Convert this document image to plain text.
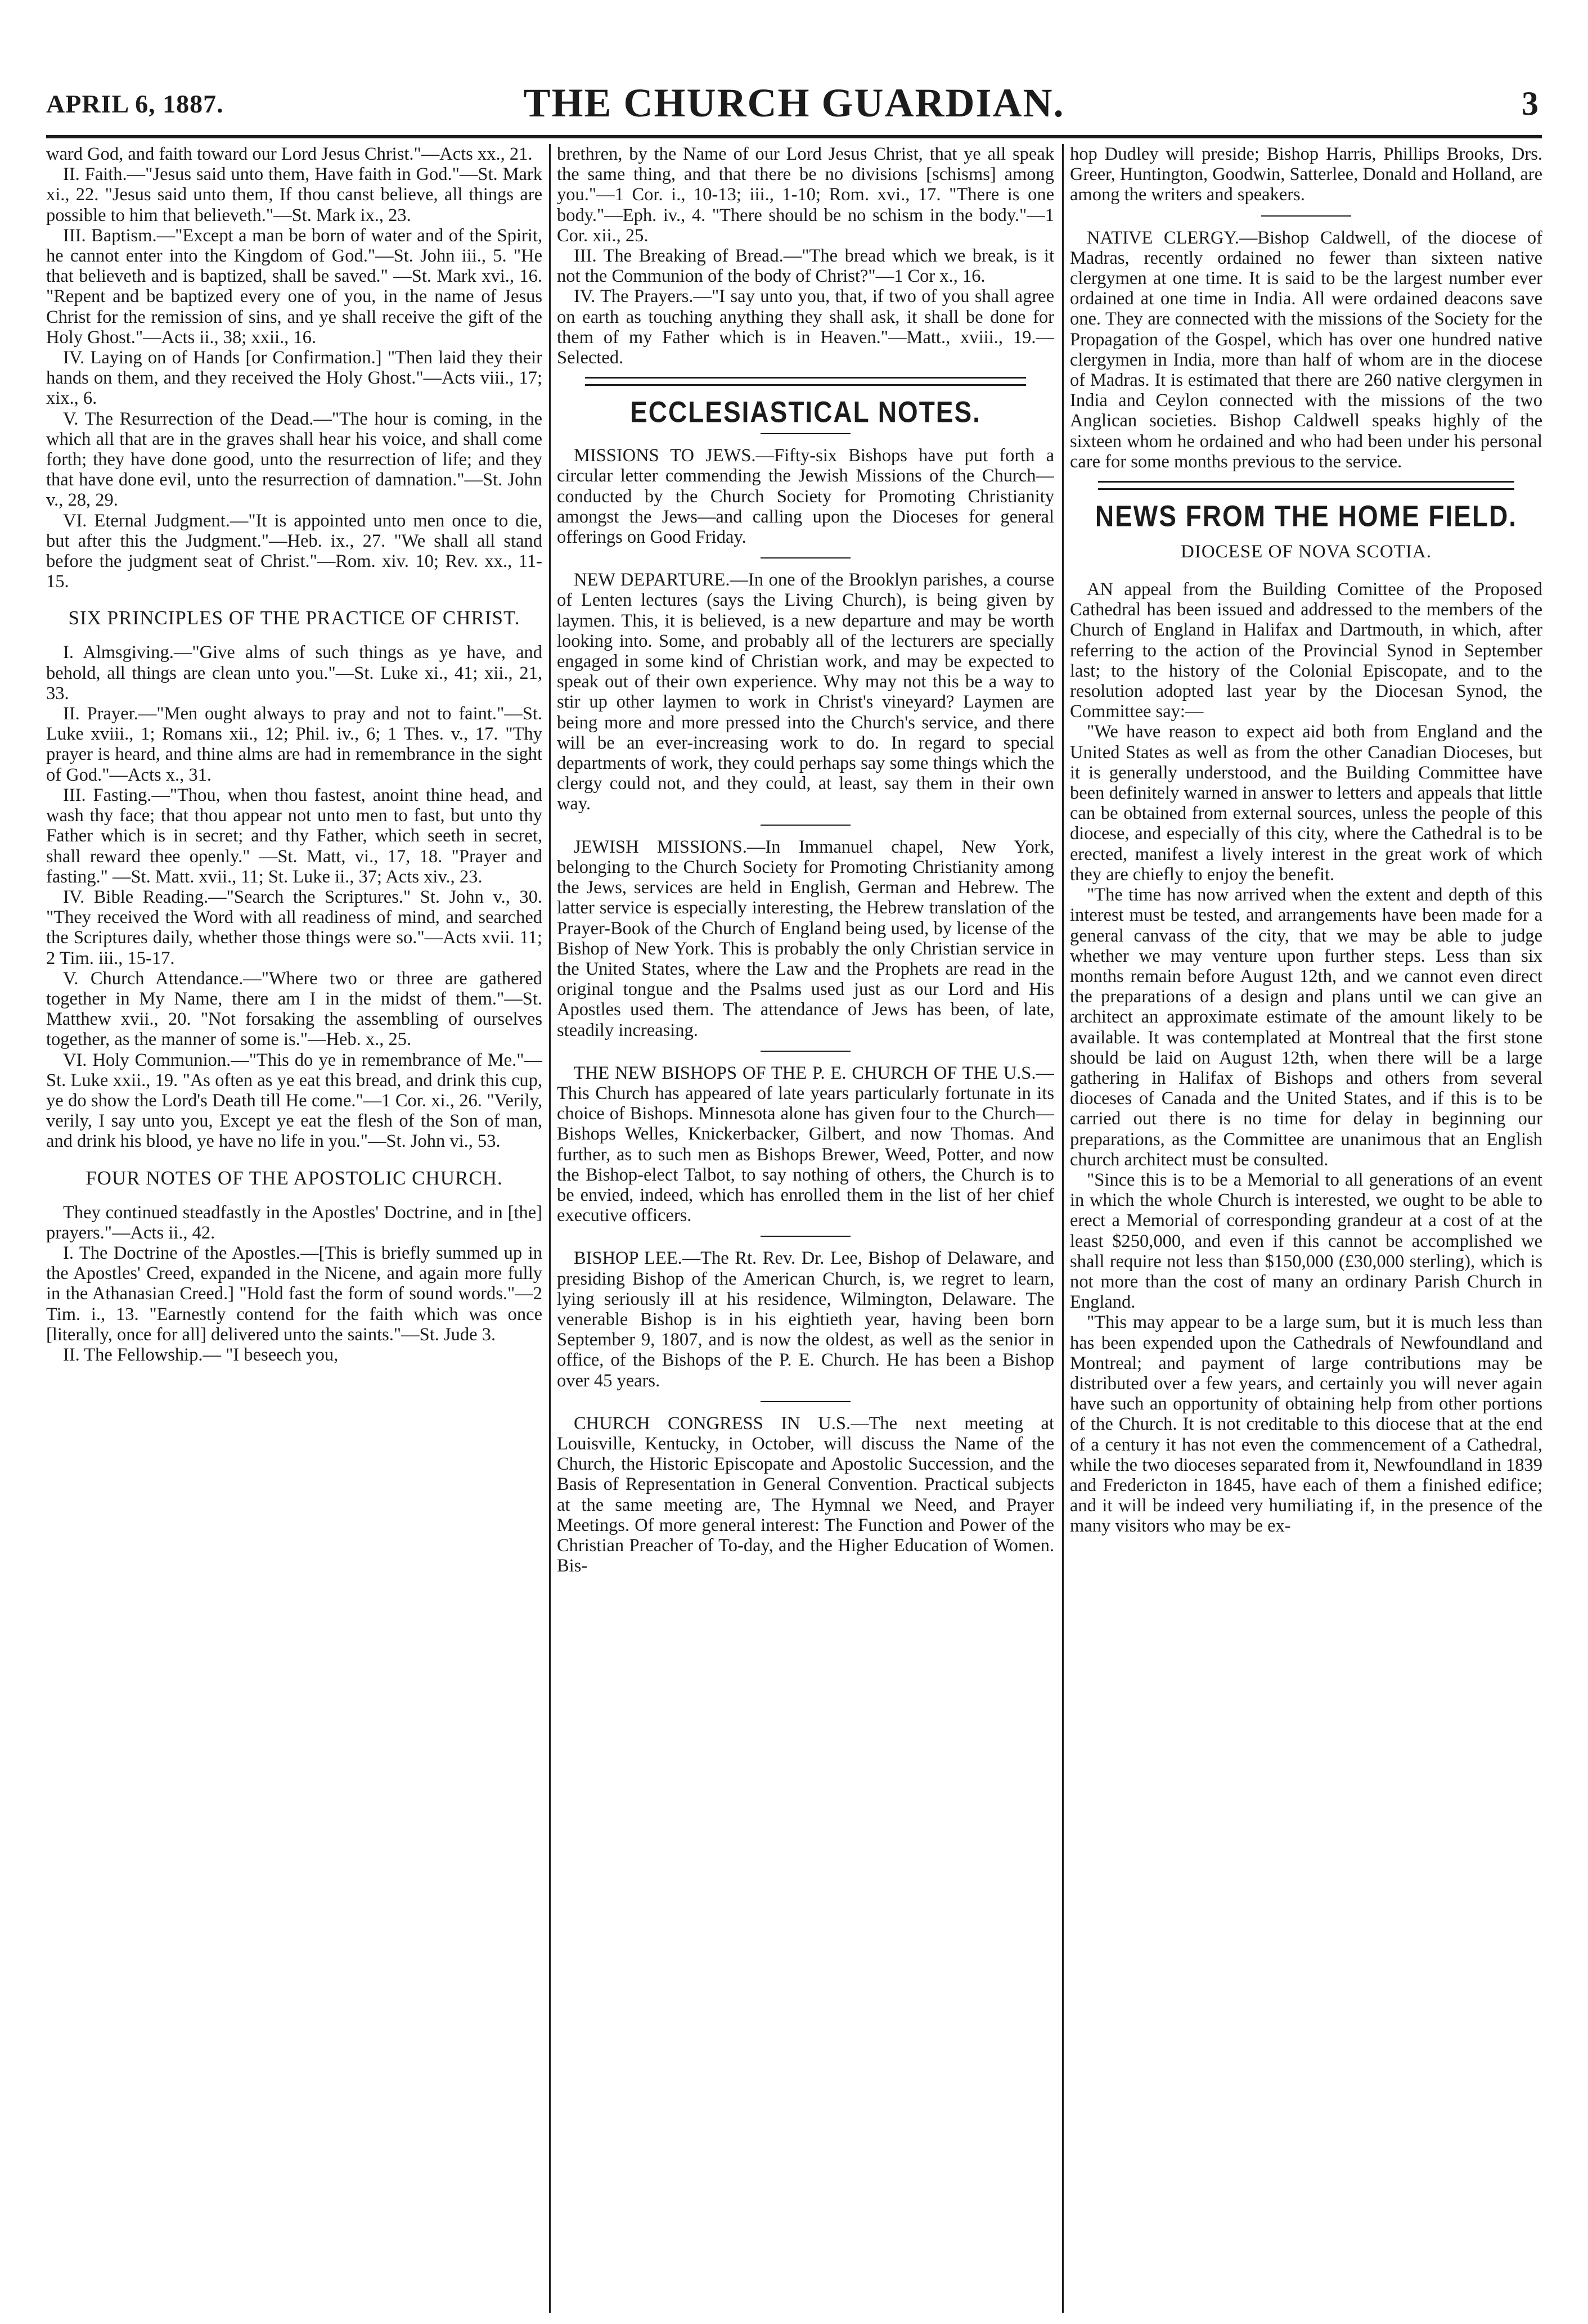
APRIL 6, 1887.	THE CHURCH GUARDIAN.	3

ward God, and faith toward our Lord Jesus Christ."—Acts xx., 21.

II. Faith.—"Jesus said unto them, Have faith in God."—St. Mark xi., 22. "Jesus said unto them, If thou canst believe, all things are possible to him that believeth."—St. Mark ix., 23.

III. Baptism.—"Except a man be born of water and of the Spirit, he cannot enter into the Kingdom of God."—St. John iii., 5. "He that believeth and is baptized, shall be saved." —St. Mark xvi., 16. "Repent and be baptized every one of you, in the name of Jesus Christ for the remission of sins, and ye shall receive the gift of the Holy Ghost."—Acts ii., 38; xxii., 16.

IV. Laying on of Hands [or Confirmation.] "Then laid they their hands on them, and they received the Holy Ghost."—Acts viii., 17; xix., 6.

V. The Resurrection of the Dead.—"The hour is coming, in the which all that are in the graves shall hear his voice, and shall come forth; they have done good, unto the resurrection of life; and they that have done evil, unto the resurrection of damnation."—St. John v., 28, 29.

VI. Eternal Judgment.—"It is appointed unto men once to die, but after this the Judgment."—Heb. ix., 27. "We shall all stand before the judgment seat of Christ."—Rom. xiv. 10; Rev. xx., 11-15.

SIX PRINCIPLES OF THE PRACTICE OF CHRIST.

I. Almsgiving.—"Give alms of such things as ye have, and behold, all things are clean unto you."—St. Luke xi., 41; xii., 21, 33.

II. Prayer.—"Men ought always to pray and not to faint."—St. Luke xviii., 1; Romans xii., 12; Phil. iv., 6; 1 Thes. v., 17. "Thy prayer is heard, and thine alms are had in remembrance in the sight of God."—Acts x., 31.

III. Fasting.—"Thou, when thou fastest, anoint thine head, and wash thy face; that thou appear not unto men to fast, but unto thy Father which is in secret; and thy Father, which seeth in secret, shall reward thee openly." —St. Matt, vi., 17, 18. "Prayer and fasting." —St. Matt. xvii., 11; St. Luke ii., 37; Acts xiv., 23.

IV. Bible Reading.—"Search the Scriptures." St. John v., 30. "They received the Word with all readiness of mind, and searched the Scriptures daily, whether those things were so."—Acts xvii. 11; 2 Tim. iii., 15-17.

V. Church Attendance.—"Where two or three are gathered together in My Name, there am I in the midst of them."—St. Matthew xvii., 20. "Not forsaking the assembling of ourselves together, as the manner of some is."—Heb. x., 25.

VI. Holy Communion.—"This do ye in remembrance of Me."—St. Luke xxii., 19. "As often as ye eat this bread, and drink this cup, ye do show the Lord's Death till He come."—1 Cor. xi., 26. "Verily, verily, I say unto you, Except ye eat the flesh of the Son of man, and drink his blood, ye have no life in you."—St. John vi., 53.

FOUR NOTES OF THE APOSTOLIC CHURCH.

They continued steadfastly in the Apostles' Doctrine, and in [the] prayers."—Acts ii., 42.

I. The Doctrine of the Apostles.—[This is briefly summed up in the Apostles' Creed, expanded in the Nicene, and again more fully in the Athanasian Creed.] "Hold fast the form of sound words."—2 Tim. i., 13. "Earnestly contend for the faith which was once [literally, once for all] delivered unto the saints."—St. Jude 3.

II. The Fellowship.— "I beseech you,

brethren, by the Name of our Lord Jesus Christ, that ye all speak the same thing, and that there be no divisions [schisms] among you."—1 Cor. i., 10-13; iii., 1-10; Rom. xvi., 17. "There is one body."—Eph. iv., 4. "There should be no schism in the body."—1 Cor. xii., 25.

III. The Breaking of Bread.—"The bread which we break, is it not the Communion of the body of Christ?"—1 Cor x., 16.

IV. The Prayers.—"I say unto you, that, if two of you shall agree on earth as touching anything they shall ask, it shall be done for them of my Father which is in Heaven."—Matt., xviii., 19.—Selected.

ECCLESIASTICAL NOTES.

MISSIONS TO JEWS.—Fifty-six Bishops have put forth a circular letter commending the Jewish Missions of the Church—conducted by the Church Society for Promoting Christianity amongst the Jews—and calling upon the Dioceses for general offerings on Good Friday.

NEW DEPARTURE.—In one of the Brooklyn parishes, a course of Lenten lectures (says the Living Church), is being given by laymen. This, it is believed, is a new departure and may be worth looking into. Some, and probably all of the lecturers are specially engaged in some kind of Christian work, and may be expected to speak out of their own experience. Why may not this be a way to stir up other laymen to work in Christ's vineyard? Laymen are being more and more pressed into the Church's service, and there will be an ever-increasing work to do. In regard to special departments of work, they could perhaps say some things which the clergy could not, and they could, at least, say them in their own way.

JEWISH MISSIONS.—In Immanuel chapel, New York, belonging to the Church Society for Promoting Christianity among the Jews, services are held in English, German and Hebrew. The latter service is especially interesting, the Hebrew translation of the Prayer-Book of the Church of England being used, by license of the Bishop of New York. This is probably the only Christian service in the United States, where the Law and the Prophets are read in the original tongue and the Psalms used just as our Lord and His Apostles used them. The attendance of Jews has been, of late, steadily increasing.

THE NEW BISHOPS OF THE P. E. CHURCH OF THE U.S.—This Church has appeared of late years particularly fortunate in its choice of Bishops. Minnesota alone has given four to the Church—Bishops Welles, Knickerbacker, Gilbert, and now Thomas. And further, as to such men as Bishops Brewer, Weed, Potter, and now the Bishop-elect Talbot, to say nothing of others, the Church is to be envied, indeed, which has enrolled them in the list of her chief executive officers.

BISHOP LEE.—The Rt. Rev. Dr. Lee, Bishop of Delaware, and presiding Bishop of the American Church, is, we regret to learn, lying seriously ill at his residence, Wilmington, Delaware. The venerable Bishop is in his eightieth year, having been born September 9, 1807, and is now the oldest, as well as the senior in office, of the Bishops of the P. E. Church. He has been a Bishop over 45 years.

CHURCH CONGRESS IN U.S.—The next meeting at Louisville, Kentucky, in October, will discuss the Name of the Church, the Historic Episcopate and Apostolic Succession, and the Basis of Representation in General Convention. Practical subjects at the same meeting are, The Hymnal we Need, and Prayer Meetings. Of more general interest: The Function and Power of the Christian Preacher of To-day, and the Higher Education of Women. Bis-

hop Dudley will preside; Bishop Harris, Phillips Brooks, Drs. Greer, Huntington, Goodwin, Satterlee, Donald and Holland, are among the writers and speakers.

NATIVE CLERGY.—Bishop Caldwell, of the diocese of Madras, recently ordained no fewer than sixteen native clergymen at one time. It is said to be the largest number ever ordained at one time in India. All were ordained deacons save one. They are connected with the missions of the Society for the Propagation of the Gospel, which has over one hundred native clergymen in India, more than half of whom are in the diocese of Madras. It is estimated that there are 260 native clergymen in India and Ceylon connected with the missions of the two Anglican societies. Bishop Caldwell speaks highly of the sixteen whom he ordained and who had been under his personal care for some months previous to the service.

NEWS FROM THE HOME FIELD.
DIOCESE OF NOVA SCOTIA.

AN appeal from the Building Comittee of the Proposed Cathedral has been issued and addressed to the members of the Church of England in Halifax and Dartmouth, in which, after referring to the action of the Provincial Synod in September last; to the history of the Colonial Episcopate, and to the resolution adopted last year by the Diocesan Synod, the Committee say:—

"We have reason to expect aid both from England and the United States as well as from the other Canadian Dioceses, but it is generally understood, and the Building Committee have been definitely warned in answer to letters and appeals that little can be obtained from external sources, unless the people of this diocese, and especially of this city, where the Cathedral is to be erected, manifest a lively interest in the great work of which they are chiefly to enjoy the benefit.

"The time has now arrived when the extent and depth of this interest must be tested, and arrangements have been made for a general canvass of the city, that we may be able to judge whether we may venture upon further steps. Less than six months remain before August 12th, and we cannot even direct the preparations of a design and plans until we can give an architect an approximate estimate of the amount likely to be available. It was contemplated at Montreal that the first stone should be laid on August 12th, when there will be a large gathering in Halifax of Bishops and others from several dioceses of Canada and the United States, and if this is to be carried out there is no time for delay in beginning our preparations, as the Committee are unanimous that an English church architect must be consulted.

"Since this is to be a Memorial to all generations of an event in which the whole Church is interested, we ought to be able to erect a Memorial of corresponding grandeur at a cost of at the least $250,000, and even if this cannot be accomplished we shall require not less than $150,000 (£30,000 sterling), which is not more than the cost of many an ordinary Parish Church in England.

"This may appear to be a large sum, but it is much less than has been expended upon the Cathedrals of Newfoundland and Montreal; and payment of large contributions may be distributed over a few years, and certainly you will never again have such an opportunity of obtaining help from other portions of the Church. It is not creditable to this diocese that at the end of a century it has not even the commencement of a Cathedral, while the two dioceses separated from it, Newfoundland in 1839 and Fredericton in 1845, have each of them a finished edifice; and it will be indeed very humiliating if, in the presence of the many visitors who may be ex-
